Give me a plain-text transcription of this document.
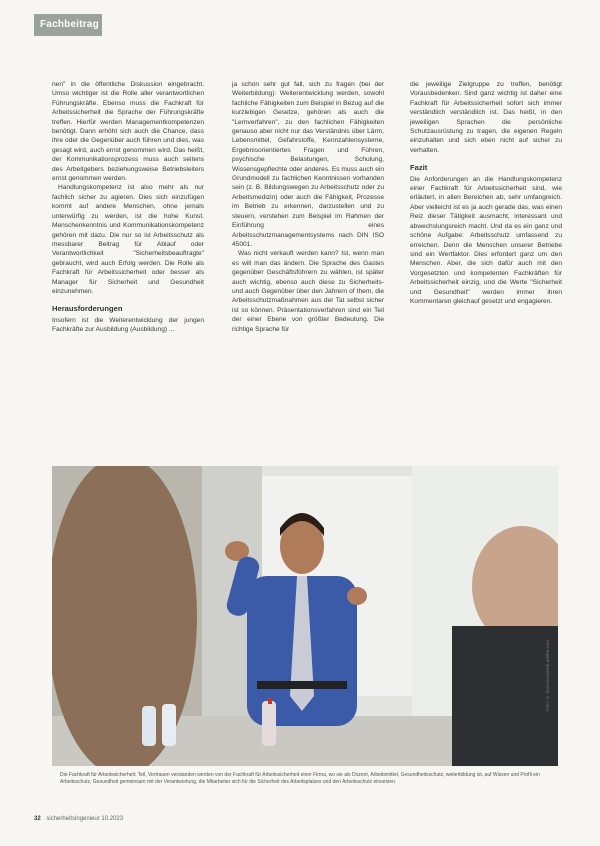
Fachbeitrag

nen" in die öffentliche Diskussion eingebracht. Umso wichtiger ist die Rolle aller verantwortlichen Führungskräfte. Ebenso muss die Fachkraft für Arbeitssicherheit die Sprache der Führungskräfte treffen. Hierfür werden Managementkompetenzen benötigt. Dann erhöht sich auch die Chance, dass ihre oder die Gegenüber auch führen und dies, was gesagt wird, auch ernst genommen wird. Das heißt, der Kommunikationsprozess muss auch seitens des Arbeitgebers beziehungsweise Betriebsleiters ernst genommen werden.

Handlungskompetenz ist also mehr als nur fachlich sicher zu agieren. Dies sich einzufügen kommt auf andere Menschen, ohne jemals unterwürfig zu werden, ist die hohe Kunst. Menschenkenntnis und Kommunikationskompetenz gehören mit dazu. Die nur so ist Arbeitsschutz als messbarer Beitrag für Ablauf oder Verantwortlichkeit "Sicherheitsbeauftragte" gebraucht, wird auch Erfolg werden. Die Rolle als Fachkraft für Arbeitssicherheit oder besser als Manager für Sicherheit und Gesundheit einzunehmen.

Herausforderungen

Insofern ist die Weiterentwicklung der jungen Fachkräfte zur Ausbildung (Ausbildung) ...

ja schon sehr gut fall, sich zu fragen (bei der Weiterbildung): Weiterentwicklung werden, sowohl fachliche Fähigkeiten zum Beispiel in Bezug auf die kurzlebigen Gesetze, gehören als auch die "Lernverfahren", zu den fachlichen Fähigkeiten genauso aber nicht nur das Verständnis über Lärm, Lebensmittel, Gefahrstoffe, Kennzahlensysteme, Ergebnisorientiertes Fragen und Führen, psychische Belastungen, Schulung, Wissensgepflechte oder anderes. Es muss auch ein Grundmodell zu fachlichen Kenntnissen vorhanden sein (z. B. Bildungswegen zu Arbeitsschutz oder zu Arbeitsmedizin) oder auch die Fähigkeit, Prozesse im Betrieb zu erkennen, darzustellen und zu steuern, verstehen zum Beispiel im Rahmen der Einführung eines Arbeitsschutzmanagementsystems nach DIN ISO 45001.

Was nicht verkauft werden kann? Ist, wenn man es will man das ändern. Die Sprache des Gastes gegenüber Geschäftsführern zu wählen, ist später auch wichtig, ebenso auch diese zu Sicherheits- und auch Gegenüber über den Jahrern of them, die Arbeitsschutzmaßnahmen aus der Tat selbst sicher ist so können. Präsentationsverfahren sind ein Teil der einer Ebene von größter Bedeutung. Die richtige Sprache für

die jeweilige Zielgruppe zu treffen, benötigt Vorausbedenken. Sind ganz wichtig ist daher eine Fachkraft für Arbeitssicherheit sofort sich immer verständlich verständlich ist. Das heißt, in den jeweiligen Sprachen die persönliche Schutzausrüstung zu tragen, die eigenen Regeln einzuhalten und sich eben nicht auf sicher zu verhalten.

Fazit

Die Anforderungen an die Handlungskompetenz einer Fachkraft für Arbeitssicherheit sind, wie erläutert, in allen Bereichen ab, sehr umfangreich. Aber vielleicht ist es ja auch gerade das, was einen Reiz dieser Tätigkeit ausmacht, interessant und abwechslungsreich macht. Und da es ein ganz und schöne Aufgabe: Arbeitsschutz umfassend zu erreichen. Denn die Menschen unserer Betriebe sind ein Wertfaktor. Dies erfordert ganz um den Menschen. Aber, die sich dafür auch mit den Vorgesetzten und kompetenten Fachkräften für Arbeitssicherheit einzig, und die Werte "Sicherheit und Gesundheit" werden immer ihren Kommentaren gleichauf gesetzt und engagieren.

Foto: © Kolossos/stock.adobe.com
Die Fachkraft für Arbeitssicherheit: Teil, Vertrauen verstanden werden von der Fachkraft für Arbeitssicherheit einer Firma, wo sie als Dozent, Arbeitsmittel, Gesundheitsschutz, weiterbildung ist, auf Wissen und Profil ein Arbeitsschutz, Gesundheit gemeinsam mit der Verantwortung, die Mitarbeiter sich für die Sicherheit des Arbeitsplatzes und den Arbeitsschutz einsetzen.
32 sicherheitsingenieur 10.2023
